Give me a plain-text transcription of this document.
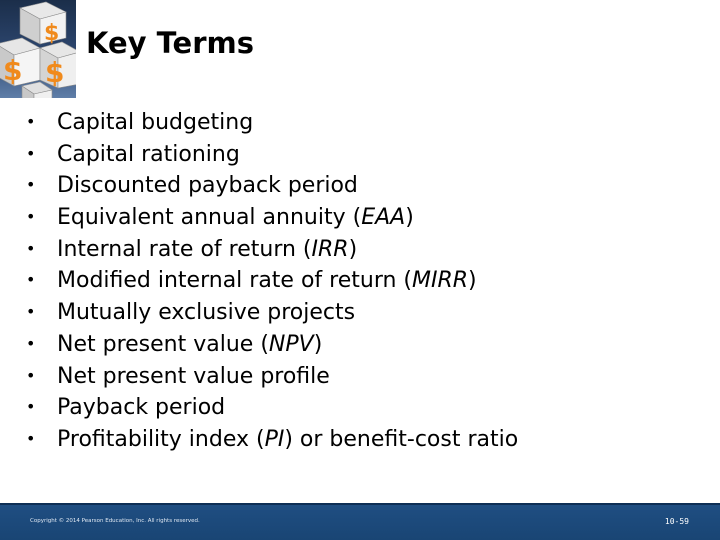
$
$ $
Key Terms
• Capital budgeting
• Capital rationing
• Discounted payback period
• Equivalent annual annuity (EAA)
• Internal rate of return (IRR)
• Modified internal rate of return (MIRR)
• Mutually exclusive projects
• Net present value (NPV)
• Net present value profile
• Payback period
• Profitability index (PI) or benefit-cost ratio
Copyright © 2014 Pearson Education, Inc. All rights reserved.	10-59
